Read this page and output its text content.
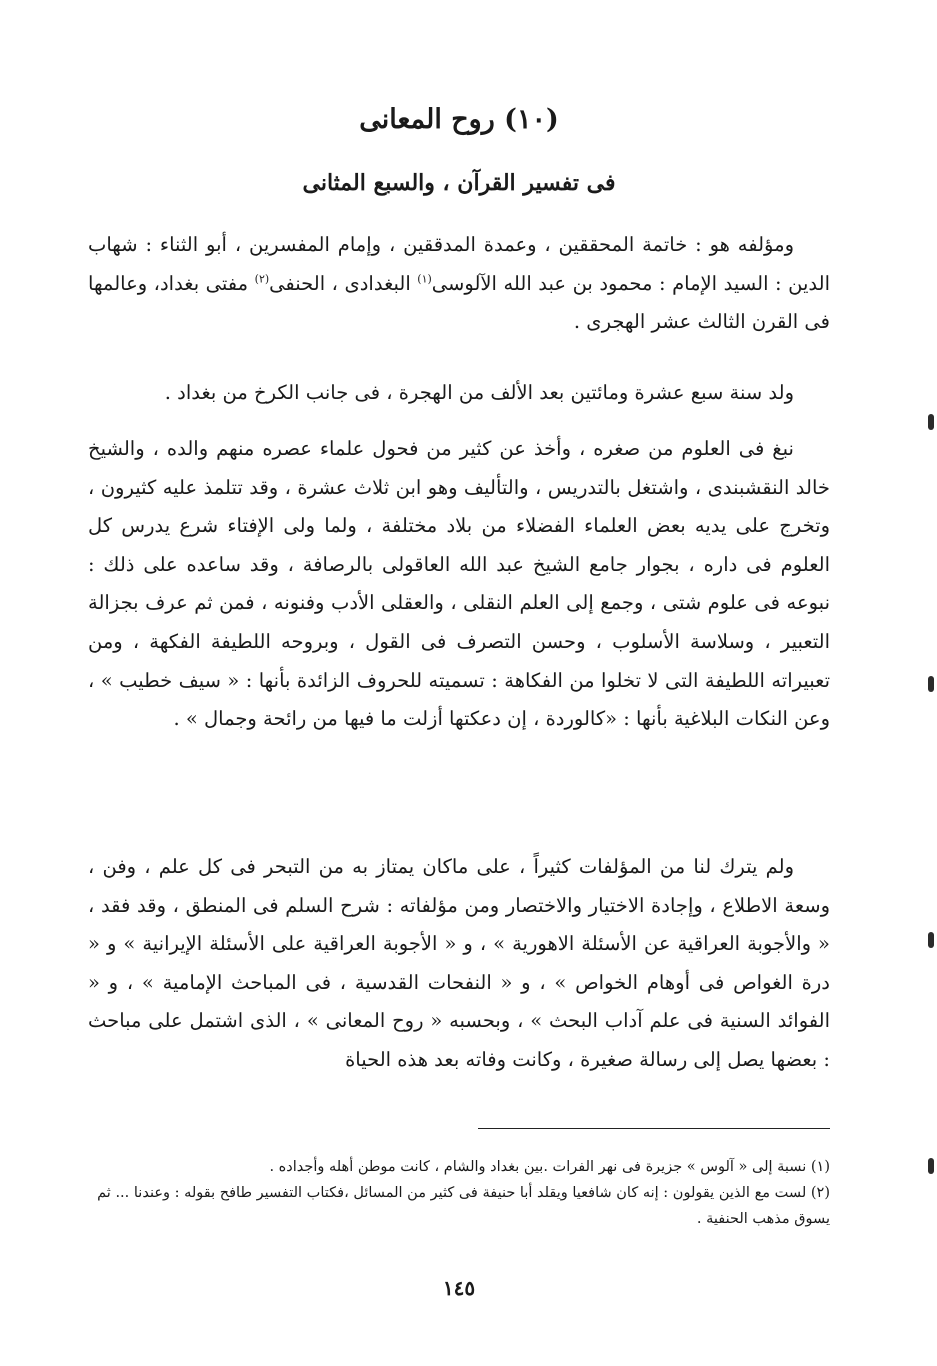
(١٠) روح المعانى
فى تفسير القرآن ، والسبع المثانى

ومؤلفه هو : خاتمة المحققين ، وعمدة المدققين ، وإمام المفسرين ، أبو الثناء : شهاب الدين : السيد الإمام : محمود بن عبد الله الآلوسى$^{(١)}$ البغدادى ، الحنفى$^{(٢)}$ مفتى بغداد، وعالمها فى القرن الثالث عشر الهجرى .

ولد سنة سبع عشرة ومائتين بعد الألف من الهجرة ، فى جانب الكرخ من بغداد .

نبغ فى العلوم من صغره ، وأخذ عن كثير من فحول علماء عصره منهم والده ، والشيخ خالد النقشبندى ، واشتغل بالتدريس ، والتأليف وهو ابن ثلاث عشرة ، وقد تتلمذ عليه كثيرون ، وتخرج على يديه بعض العلماء الفضلاء من بلاد مختلفة ، ولما ولى الإفتاء شرع يدرس كل العلوم فى داره ، بجوار جامع الشيخ عبد الله العاقولى بالرصافة ، وقد ساعده على ذلك : نبوعه فى علوم شتى ، وجمع إلى العلم النقلى ، والعقلى الأدب وفنونه ، فمن ثم عرف بجزالة التعبير ، وسلاسة الأسلوب ، وحسن التصرف فى القول ، وبروحه اللطيفة الفكهة ، ومن تعبيراته اللطيفة التى لا تخلوا من الفكاهة : تسميته للحروف الزائدة بأنها : « سيف خطيب » ، وعن النكات البلاغية بأنها : «كالوردة ، إن دعكتها أزلت ما فيها من رائحة وجمال » .

ولم يترك لنا من المؤلفات كثيراً ، على ماكان يمتاز به من التبحر فى كل علم ، وفن ، وسعة الاطلاع ، وإجادة الاختيار والاختصار ومن مؤلفاته : شرح السلم فى المنطق ، وقد فقد ، « والأجوبة العراقية عن الأسئلة الاهورية » ، و « الأجوبة العراقية على الأسئلة الإيرانية » و « درة الغواص فى أوهام الخواص » ، و « النفحات القدسية ، فى المباحث الإمامية » ، و « الفوائد السنية فى علم آداب البحث » ، وبحسبه « روح المعانى » ، الذى اشتمل على مباحث : بعضها يصل إلى رسالة صغيرة ، وكانت وفاته بعد هذه الحياة

(١) نسبة إلى « آلوس » جزيرة فى نهر الفرات .بين بغداد والشام ، كانت موطن أهله وأجداده .

(٢) لست مع الذين يقولون : إنه كان شافعيا ويقلد أبا حنيفة فى كثير من المسائل ،فكتاب التفسير طافح بقوله : وعندنا ... ثم يسوق مذهب الحنفية .

١٤٥
